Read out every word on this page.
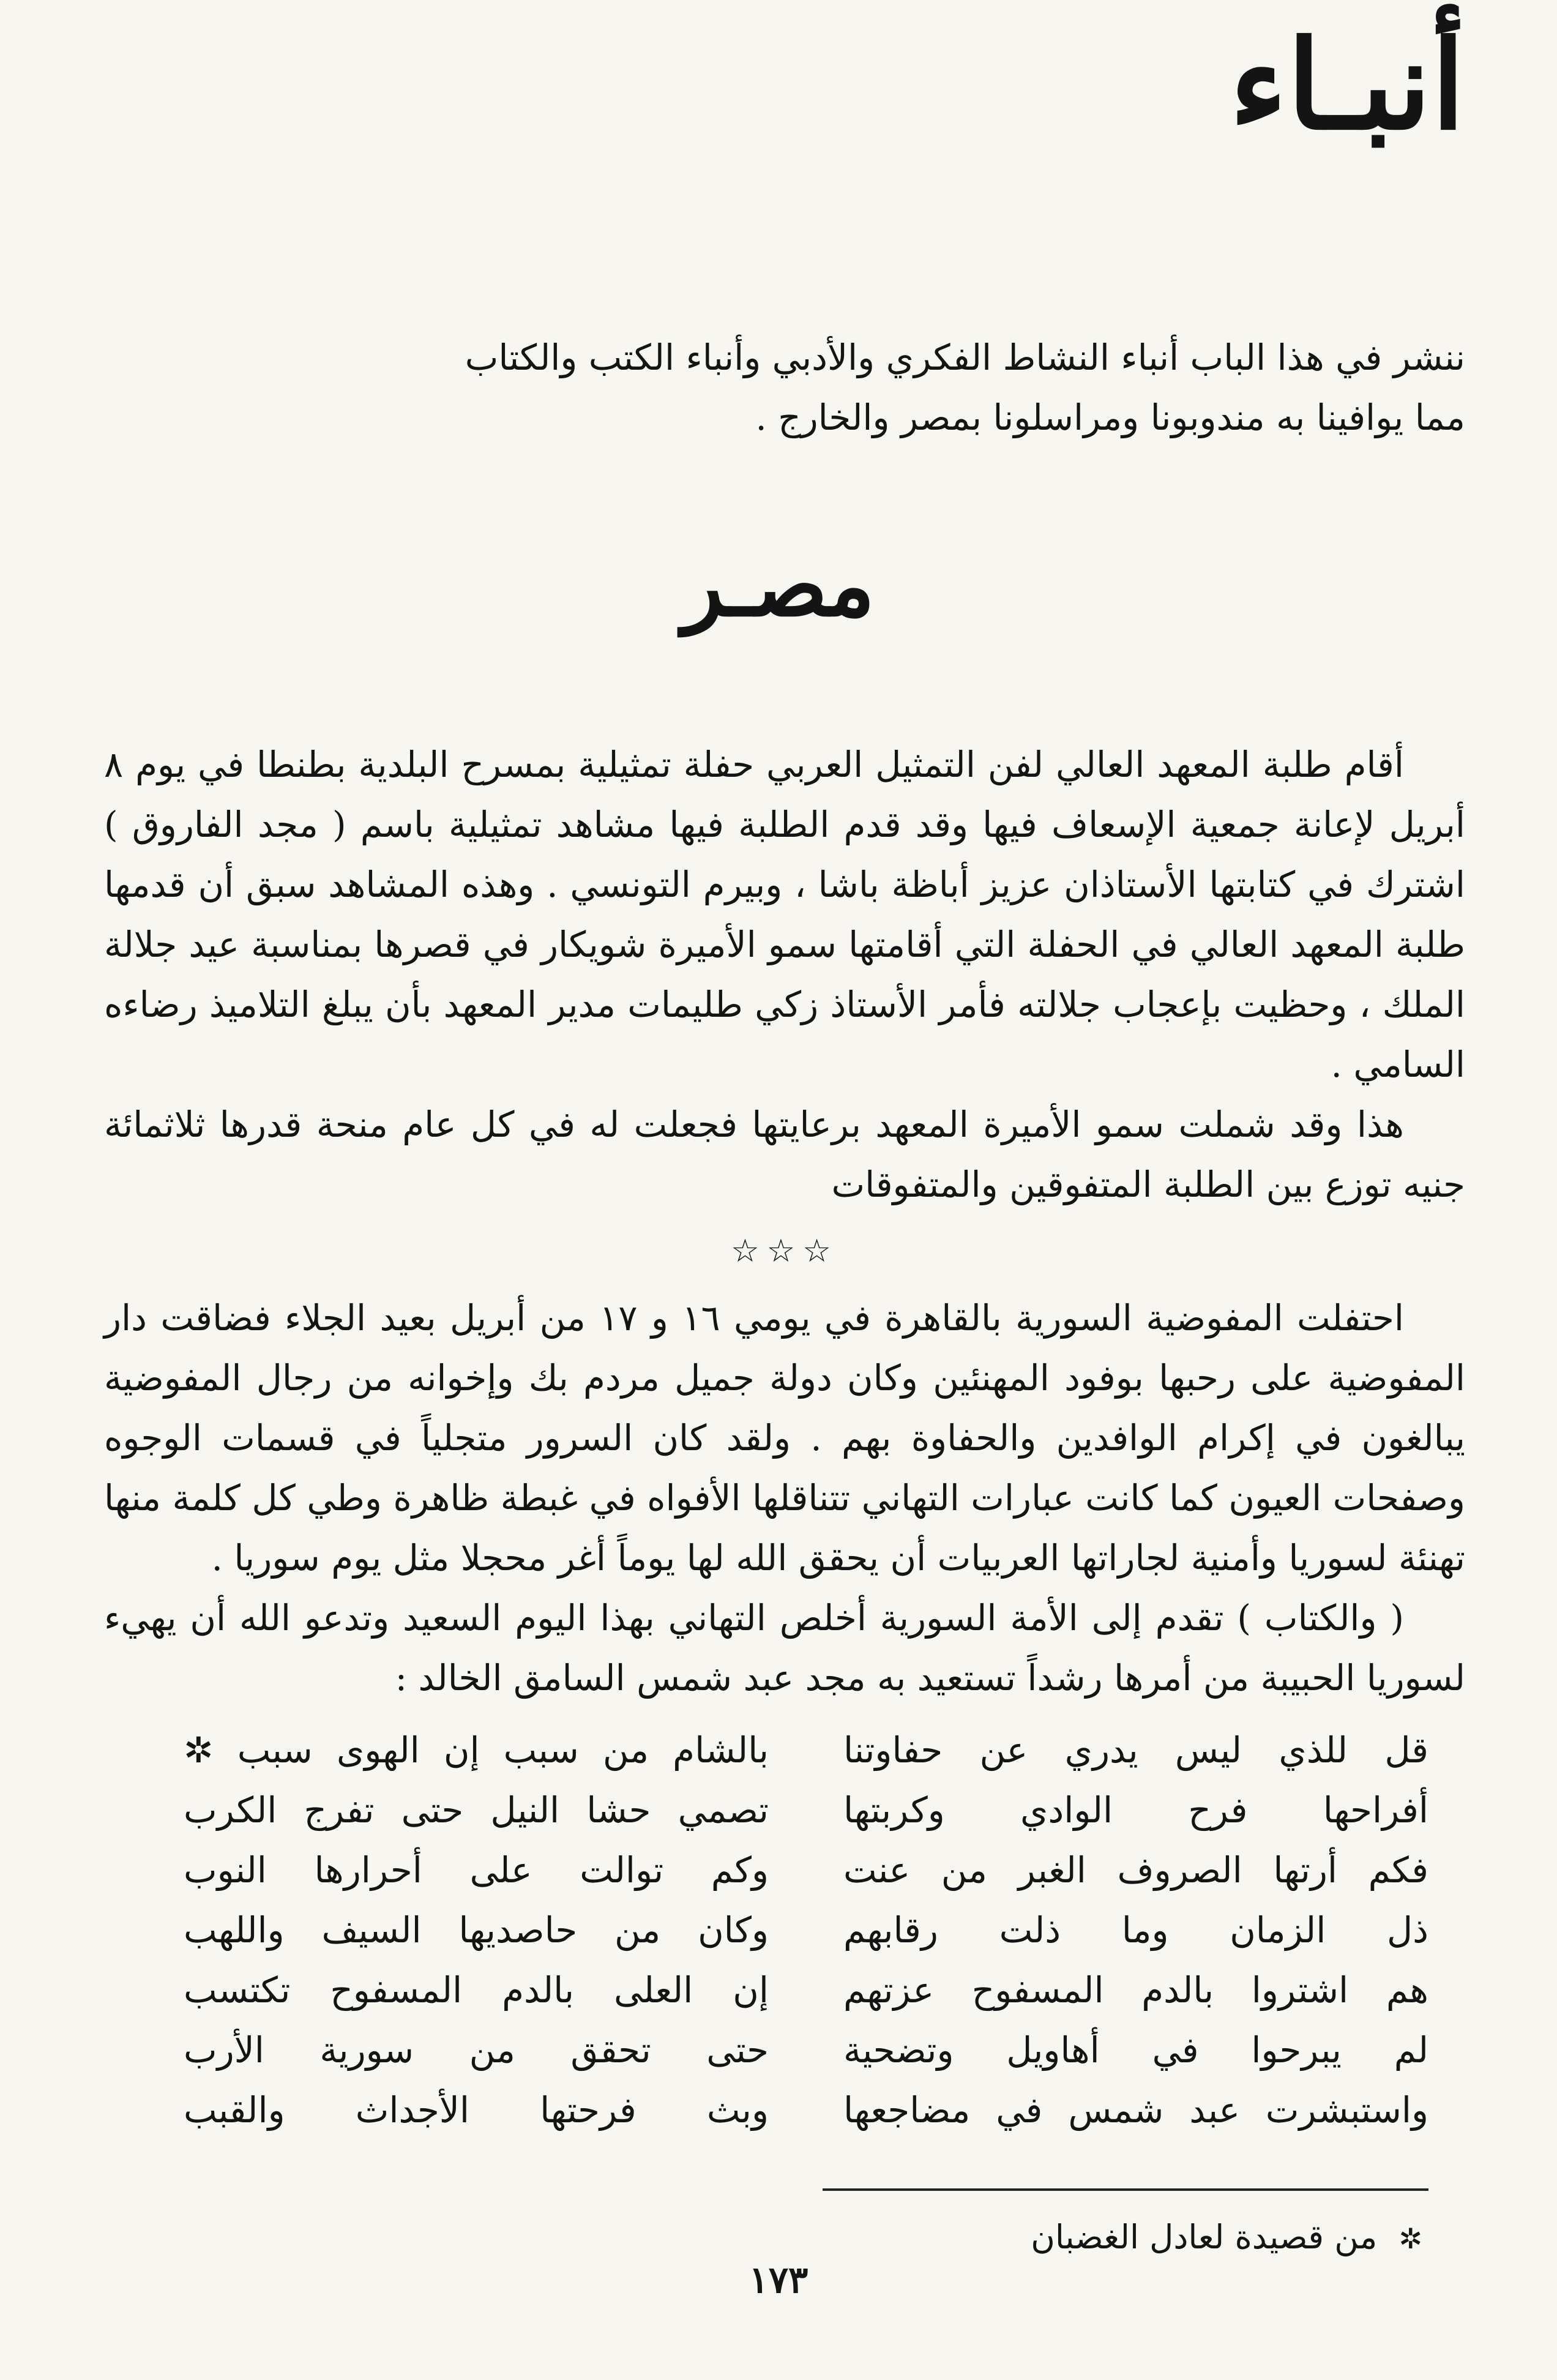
أنبـاء

ننشر في هذا الباب أنباء النشاط الفكري والأدبي وأنباء الكتب والكتاب

مما يوافينا به مندوبونا ومراسلونا بمصر والخارج .

مصـر

أقام طلبة المعهد العالي لفن التمثيل العربي حفلة تمثيلية بمسرح البلدية بطنطا في يوم ٨ أبريل لإعانة جمعية الإسعاف فيها وقد قدم الطلبة فيها مشاهد تمثيلية باسم ( مجد الفاروق ) اشترك في كتابتها الأستاذان عزيز أباظة باشا ، وبيرم التونسي . وهذه المشاهد سبق أن قدمها طلبة المعهد العالي في الحفلة التي أقامتها سمو الأميرة شويكار في قصرها بمناسبة عيد جلالة الملك ، وحظيت بإعجاب جلالته فأمر الأستاذ زكي طليمات مدير المعهد بأن يبلغ التلاميذ رضاءه السامي .

هذا وقد شملت سمو الأميرة المعهد برعايتها فجعلت له في كل عام منحة قدرها ثلاثمائة جنيه توزع بين الطلبة المتفوقين والمتفوقات

☆☆☆

احتفلت المفوضية السورية بالقاهرة في يومي ١٦ و ١٧ من أبريل بعيد الجلاء فضاقت دار المفوضية على رحبها بوفود المهنئين وكان دولة جميل مردم بك وإخوانه من رجال المفوضية يبالغون في إكرام الوافدين والحفاوة بهم . ولقد كان السرور متجلياً في قسمات الوجوه وصفحات العيون كما كانت عبارات التهاني تتناقلها الأفواه في غبطة ظاهرة وطي كل كلمة منها تهنئة لسوريا وأمنية لجاراتها العربيات أن يحقق الله لها يوماً أغر محجلا مثل يوم سوريا .

( والكتاب ) تقدم إلى الأمة السورية أخلص التهاني بهذا اليوم السعيد وتدعو الله أن يهيء لسوريا الحبيبة من أمرها رشداً تستعيد به مجد عبد شمس السامق الخالد :

قل للذي ليس يدري عن حفاوتنا
بالشام من سبب إن الهوى سبب ✲
أفراحها فرح الوادي وكربتها
تصمي حشا النيل حتى تفرج الكرب
فكم أرتها الصروف الغبر من عنت
وكم توالت على أحرارها النوب
ذل الزمان وما ذلت رقابهم
وكان من حاصديها السيف واللهب
هم اشتروا بالدم المسفوح عزتهم
إن العلى بالدم المسفوح تكتسب
لم يبرحوا في أهاويل وتضحية
حتى تحقق من سورية الأرب
واستبشرت عبد شمس في مضاجعها
وبث فرحتها الأجداث والقبب
✲ من قصيدة لعادل الغضبان
١٧٣
